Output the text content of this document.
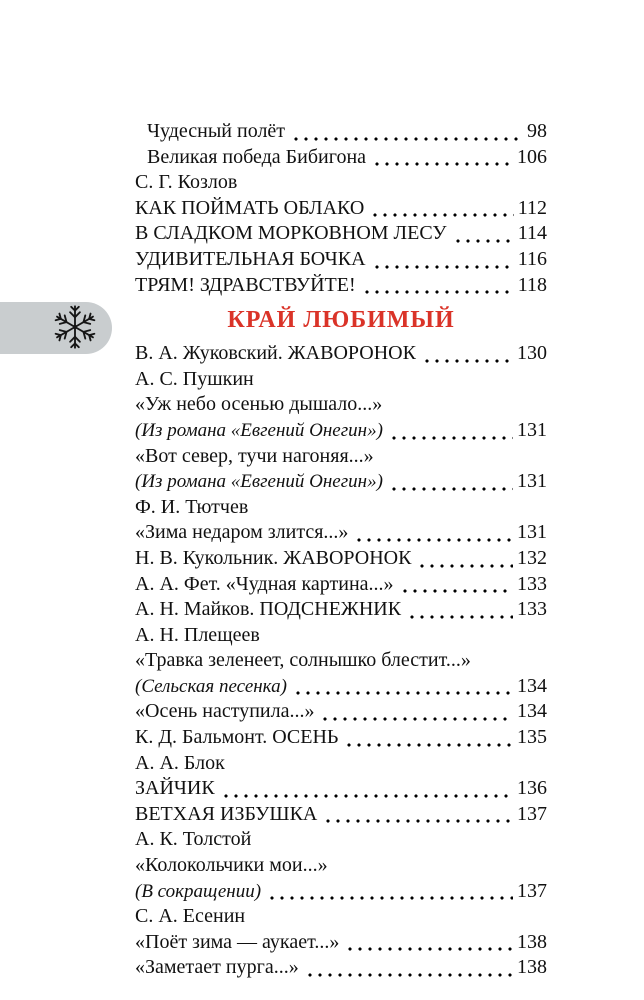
Чудесный полёт	98
Великая победа Бибигона	106
С. Г. Козлов
КАК ПОЙМАТЬ ОБЛАКО	112
В СЛАДКОМ МОРКОВНОМ ЛЕСУ	114
УДИВИТЕЛЬНАЯ БОЧКА	116
ТРЯМ! ЗДРАВСТВУЙТЕ!	118
КРАЙ ЛЮБИМЫЙ
В. А. Жуковский. ЖАВОРОНОК	130
А. С. Пушкин
«Уж небо осенью дышало...»
(Из романа «Евгений Онегин»)	131
«Вот север, тучи нагоняя...»
(Из романа «Евгений Онегин»)	131
Ф. И. Тютчев
«Зима недаром злится...»	131
Н. В. Кукольник. ЖАВОРОНОК	132
А. А. Фет. «Чудная картина...»	133
А. Н. Майков. ПОДСНЕЖНИК	133
А. Н. Плещеев
«Травка зеленеет, солнышко блестит...»
(Сельская песенка)	134
«Осень наступила...»	134
К. Д. Бальмонт. ОСЕНЬ	135
А. А. Блок
ЗАЙЧИК	136
ВЕТХАЯ ИЗБУШКА	137
А. К. Толстой
«Колокольчики мои...»
(В сокращении)	137
С. А. Есенин
«Поёт зима — аукает...»	138
«Заметает пурга...»	138
